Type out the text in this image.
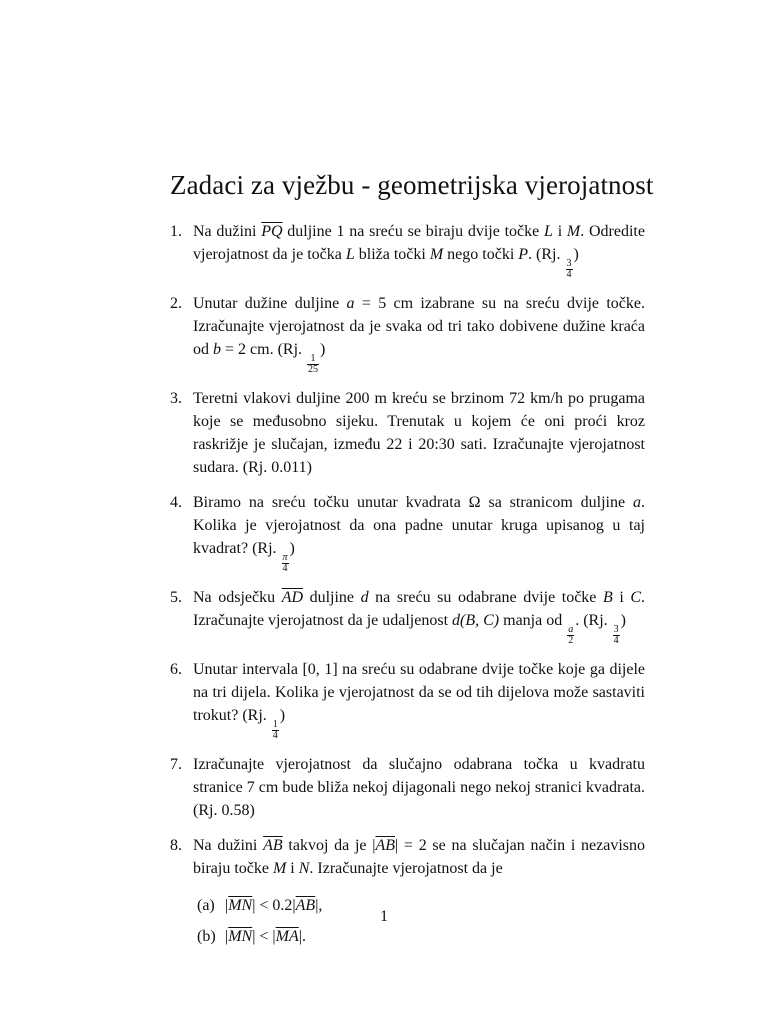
Zadaci za vježbu - geometrijska vjerojatnost
1. Na dužini $\overline{PQ}$ duljine 1 na sreću se biraju dvije točke L i M. Odredite vjerojatnost da je točka L bliža točki M nego točki P. (Rj.
$\frac{3}{4}$
)
2. Unutar dužine duljine a = 5 cm izabrane su na sreću dvije točke. Izračunajte vjerojatnost da je svaka od tri tako dobivene dužine kraća od b = 2 cm. (Rj.
$\frac{1}{25}$
)
3. Teretni vlakovi duljine 200 m kreću se brzinom 72 km/h po prugama koje se međusobno sijeku. Trenutak u kojem će oni proći kroz raskrižje je slučajan, između 22 i 20:30 sati. Izračunajte vjerojatnost sudara. (Rj. 0.011)
4. Biramo na sreću točku unutar kvadrata Ω sa stranicom duljine a. Kolika je vjerojatnost da ona padne unutar kruga upisanog u taj kvadrat? (Rj.
$\frac{\pi}{4}$
)
5. Na odsječku $\overline{AD}$ duljine d na sreću su odabrane dvije točke B i C. Izračunajte vjerojatnost da je udaljenost d(B, C) manja od
$\frac{a}{2}$
. (Rj.
$\frac{3}{4}$
)
6. Unutar intervala [0, 1] na sreću su odabrane dvije točke koje ga dijele na tri dijela. Kolika je vjerojatnost da se od tih dijelova može sastaviti trokut? (Rj.
$\frac{1}{4}$
)
7. Izračunajte vjerojatnost da slučajno odabrana točka u kvadratu stranice 7 cm bude bliža nekoj dijagonali nego nekoj stranici kvadrata. (Rj. 0.58)
8. Na dužini $\overline{AB}$ takvoj da je $|\overline{AB}| = 2$ se na slučajan način i nezavisno biraju točke M i N. Izračunajte vjerojatnost da je
(a) $|\overline{MN}| < 0.2|\overline{AB}|$,
(b) $|\overline{MN}| < |\overline{MA}|$.
1
